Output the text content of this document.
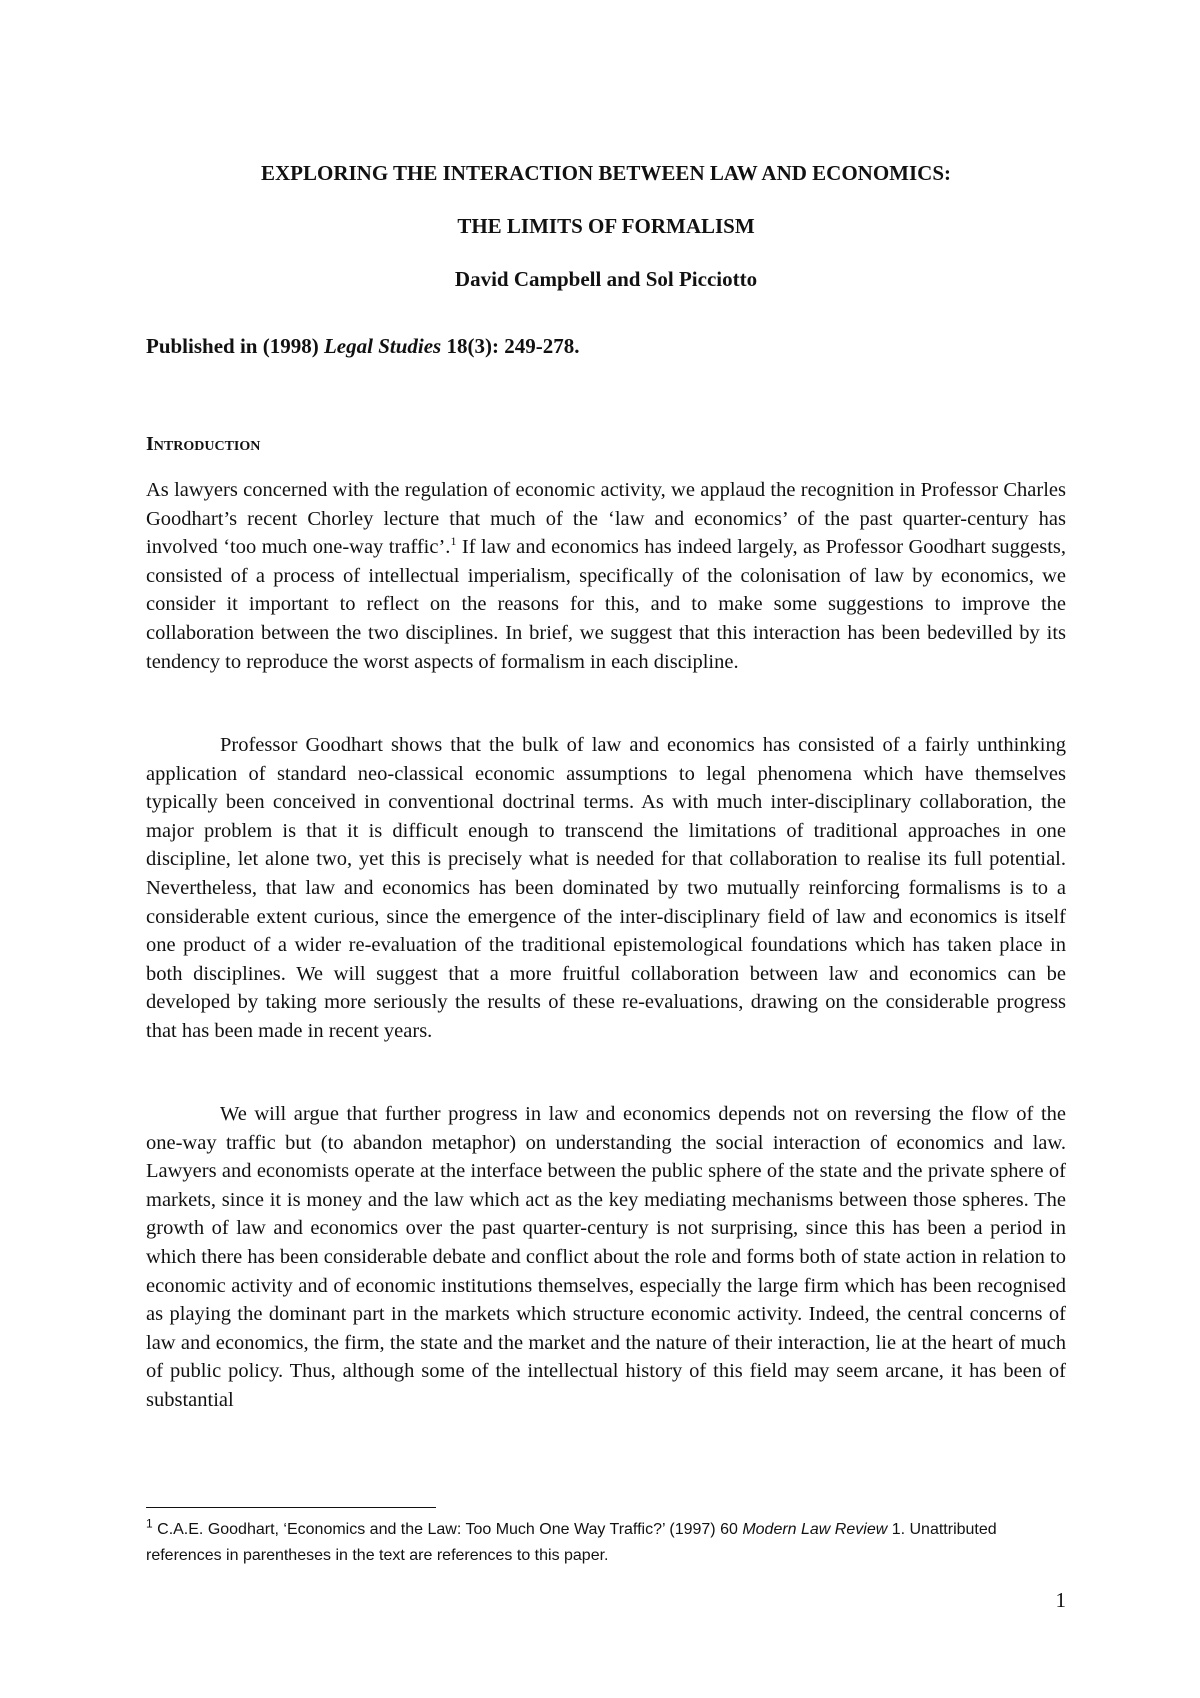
EXPLORING THE INTERACTION BETWEEN LAW AND ECONOMICS:

THE LIMITS OF FORMALISM

David Campbell and Sol Picciotto

Published in (1998) Legal Studies 18(3): 249-278.

Introduction

As lawyers concerned with the regulation of economic activity, we applaud the recognition in Professor Charles Goodhart’s recent Chorley lecture that much of the ‘law and economics’ of the past quarter-century has involved ‘too much one-way traffic’.$^1$ If law and economics has indeed largely, as Professor Goodhart suggests, consisted of a process of intellectual imperialism, specifically of the colonisation of law by economics, we consider it important to reflect on the reasons for this, and to make some suggestions to improve the collaboration between the two disciplines. In brief, we suggest that this interaction has been bedevilled by its tendency to reproduce the worst aspects of formalism in each discipline.

Professor Goodhart shows that the bulk of law and economics has consisted of a fairly unthinking application of standard neo-classical economic assumptions to legal phenomena which have themselves typically been conceived in conventional doctrinal terms. As with much inter-disciplinary collaboration, the major problem is that it is difficult enough to transcend the limitations of traditional approaches in one discipline, let alone two, yet this is precisely what is needed for that collaboration to realise its full potential. Nevertheless, that law and economics has been dominated by two mutually reinforcing formalisms is to a considerable extent curious, since the emergence of the inter-disciplinary field of law and economics is itself one product of a wider re-evaluation of the traditional epistemological foundations which has taken place in both disciplines. We will suggest that a more fruitful collaboration between law and economics can be developed by taking more seriously the results of these re-evaluations, drawing on the considerable progress that has been made in recent years.

We will argue that further progress in law and economics depends not on reversing the flow of the one-way traffic but (to abandon metaphor) on understanding the social interaction of economics and law. Lawyers and economists operate at the interface between the public sphere of the state and the private sphere of markets, since it is money and the law which act as the key mediating mechanisms between those spheres. The growth of law and economics over the past quarter-century is not surprising, since this has been a period in which there has been considerable debate and conflict about the role and forms both of state action in relation to economic activity and of economic institutions themselves, especially the large firm which has been recognised as playing the dominant part in the markets which structure economic activity. Indeed, the central concerns of law and economics, the firm, the state and the market and the nature of their interaction, lie at the heart of much of public policy. Thus, although some of the intellectual history of this field may seem arcane, it has been of substantial

$^1$ C.A.E. Goodhart, ‘Economics and the Law: Too Much One Way Traffic?’ (1997) 60 Modern Law Review 1. Unattributed references in parentheses in the text are references to this paper.

1
